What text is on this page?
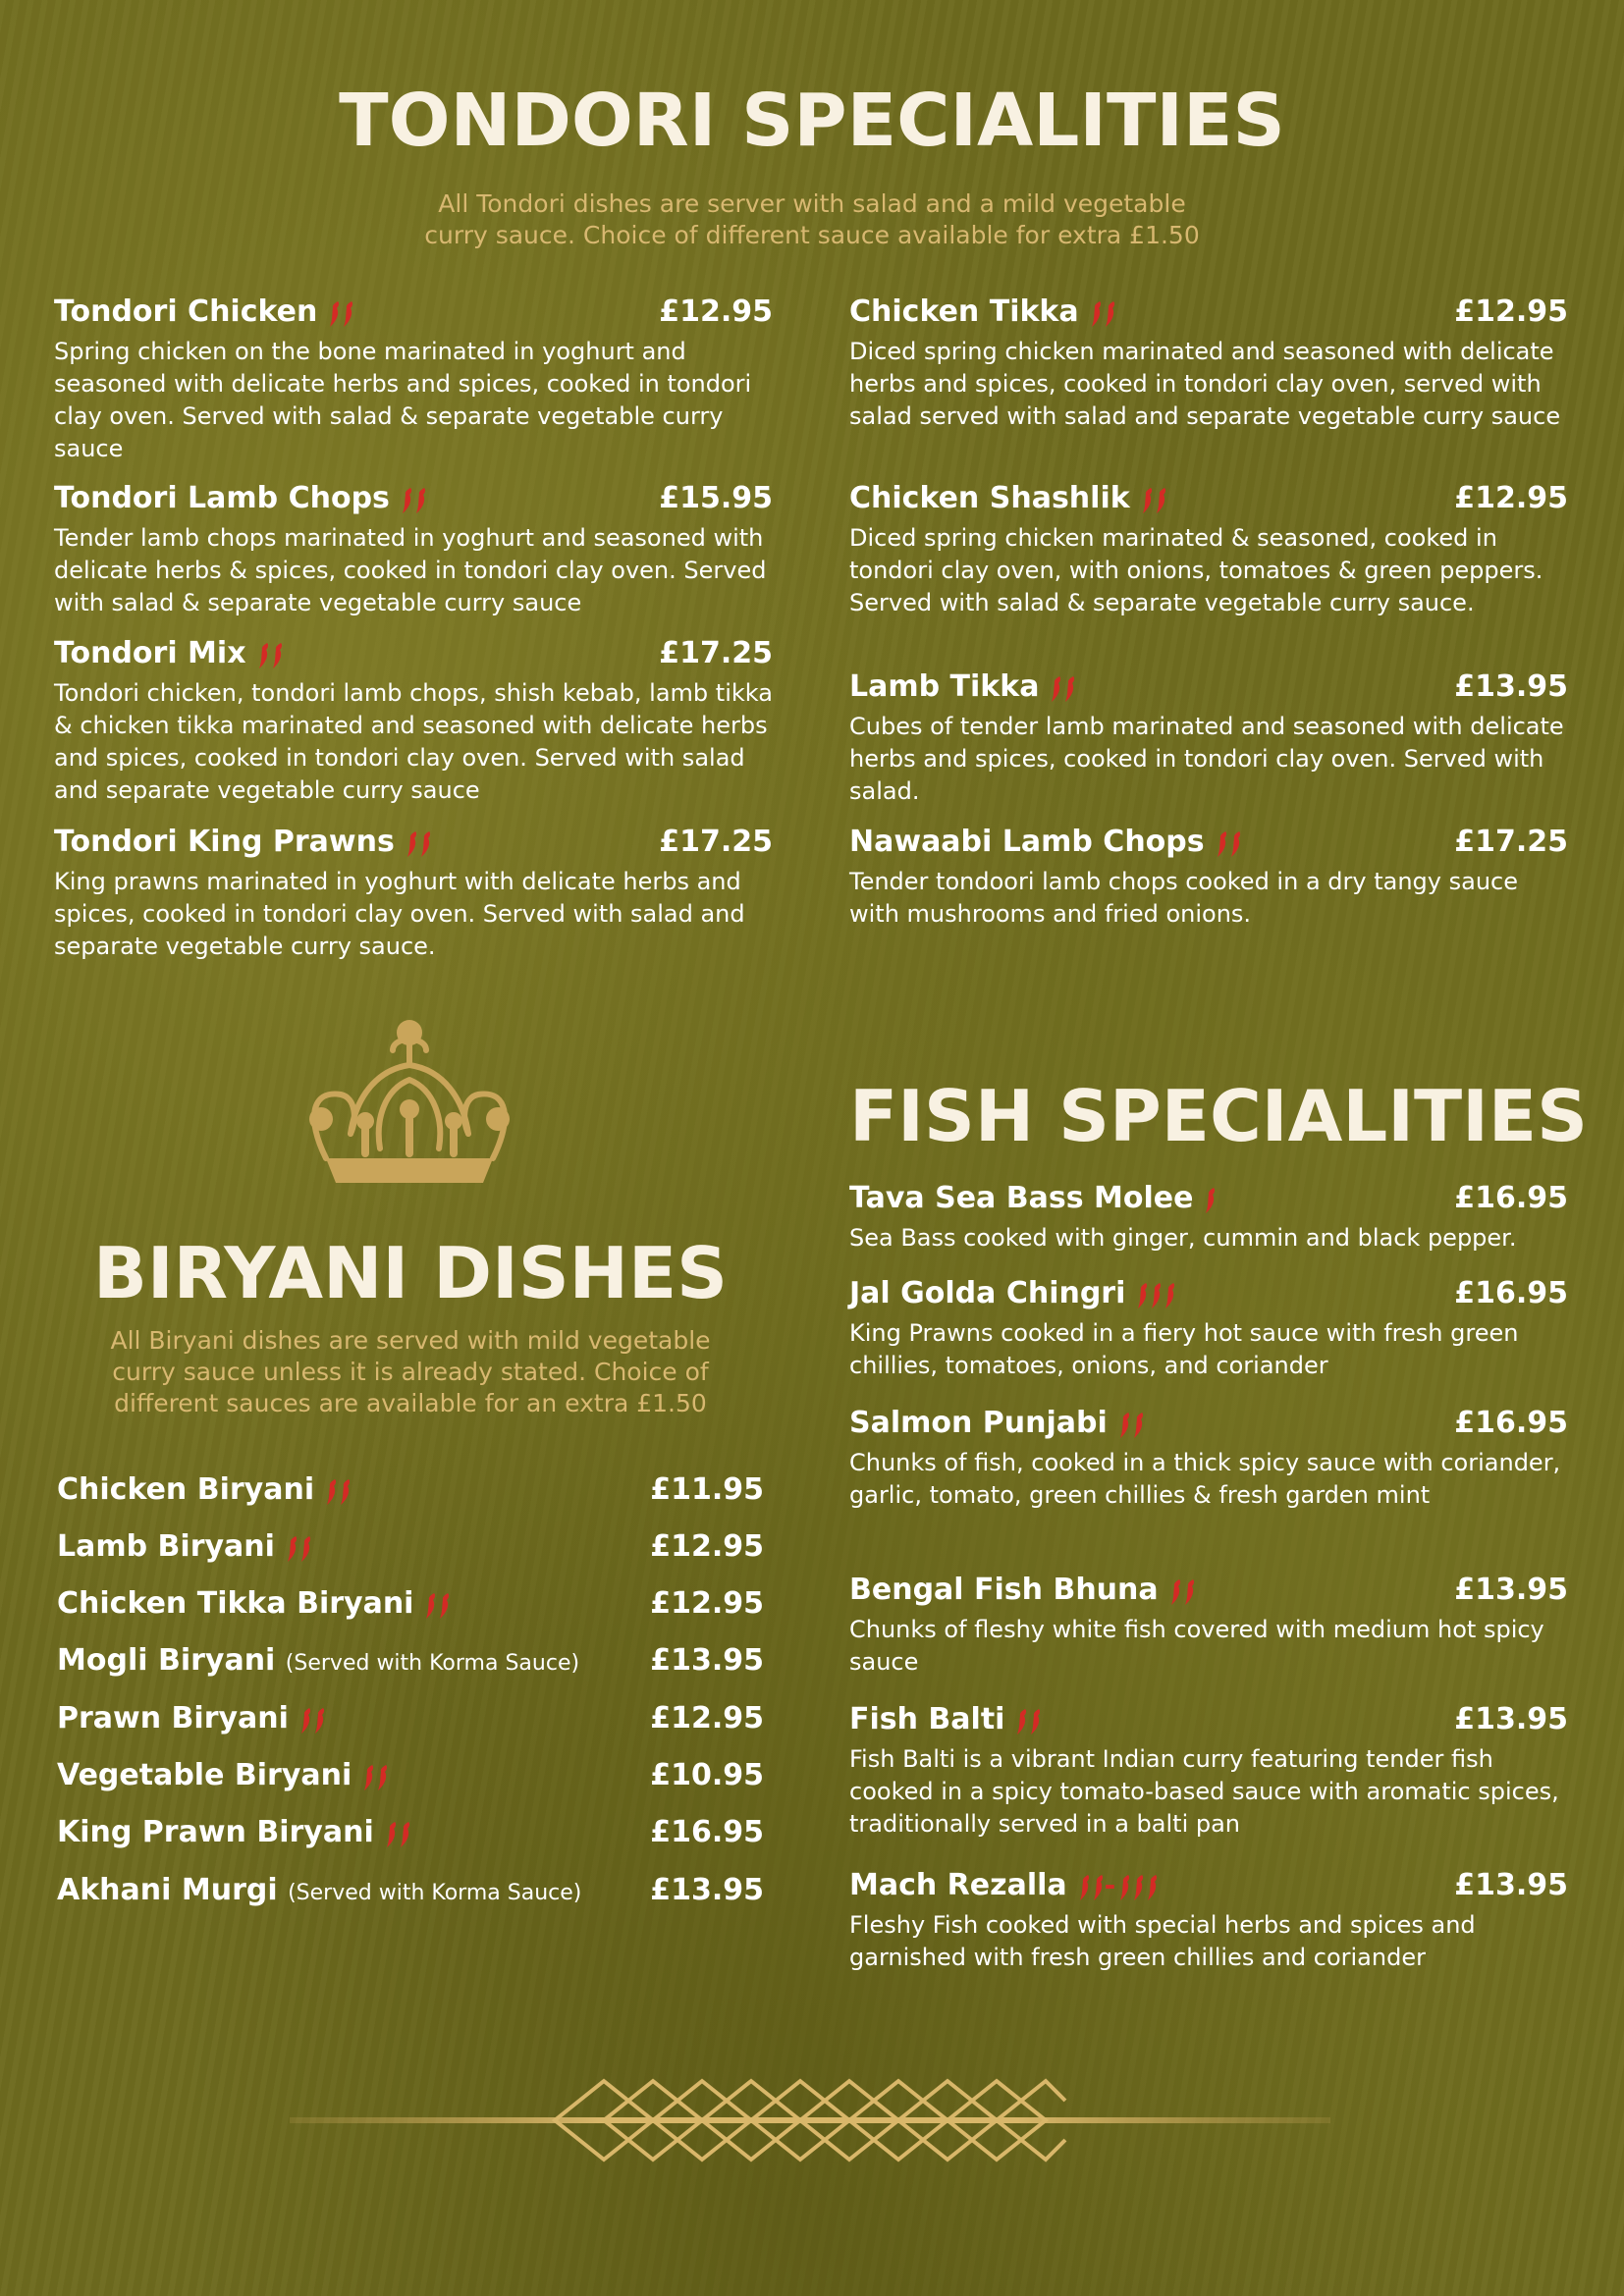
TONDORI SPECIALITIES

All Tondori dishes are server with salad and a mild vegetable
curry sauce. Choice of different sauce available for extra £1.50

Tondori Chicken	£12.95
Spring chicken on the bone marinated in yoghurt and seasoned with delicate herbs and spices, cooked in tondori clay oven. Served with salad & separate vegetable curry sauce
Tondori Lamb Chops	£15.95
Tender lamb chops marinated in yoghurt and seasoned with delicate herbs & spices, cooked in tondori clay oven. Served with salad & separate vegetable curry sauce
Tondori Mix	£17.25
Tondori chicken, tondori lamb chops, shish kebab, lamb tikka & chicken tikka marinated and seasoned with delicate herbs and spices, cooked in tondori clay oven. Served with salad and separate vegetable curry sauce
Tondori King Prawns	£17.25
King prawns marinated in yoghurt with delicate herbs and spices, cooked in tondori clay oven. Served with salad and separate vegetable curry sauce.
Chicken Tikka	£12.95
Diced spring chicken marinated and seasoned with delicate herbs and spices, cooked in tondori clay oven, served with salad served with salad and separate vegetable curry sauce
Chicken Shashlik	£12.95
Diced spring chicken marinated & seasoned, cooked in tondori clay oven, with onions, tomatoes & green peppers. Served with salad & separate vegetable curry sauce.
Lamb Tikka	£13.95
Cubes of tender lamb marinated and seasoned with delicate herbs and spices, cooked in tondori clay oven. Served with salad.
Nawaabi Lamb Chops	£17.25
Tender tondoori lamb chops cooked in a dry tangy sauce with mushrooms and fried onions.
BIRYANI DISHES

All Biryani dishes are served with mild vegetable
curry sauce unless it is already stated. Choice of
different sauces are available for an extra £1.50

Chicken Biryani	£11.95
Lamb Biryani	£12.95
Chicken Tikka Biryani	£12.95
Mogli Biryani (Served with Korma Sauce) £13.95
Prawn Biryani	£12.95
Vegetable Biryani	£10.95
King Prawn Biryani	£16.95
Akhani Murgi (Served with Korma Sauce) £13.95
FISH SPECIALITIES
Tava Sea Bass Molee	£16.95
Sea Bass cooked with ginger, cummin and black pepper.
Jal Golda Chingri	£16.95
King Prawns cooked in a fiery hot sauce with fresh green chillies, tomatoes, onions, and coriander
Salmon Punjabi	£16.95
Chunks of fish, cooked in a thick spicy sauce with coriander, garlic, tomato, green chillies & fresh garden mint
Bengal Fish Bhuna	£13.95
Chunks of fleshy white fish covered with medium hot spicy sauce
Fish Balti	£13.95
Fish Balti is a vibrant Indian curry featuring tender fish cooked in a spicy tomato-based sauce with aromatic spices, traditionally served in a balti pan
Mach Rezalla -	£13.95
Fleshy Fish cooked with special herbs and spices and garnished with fresh green chillies and coriander
